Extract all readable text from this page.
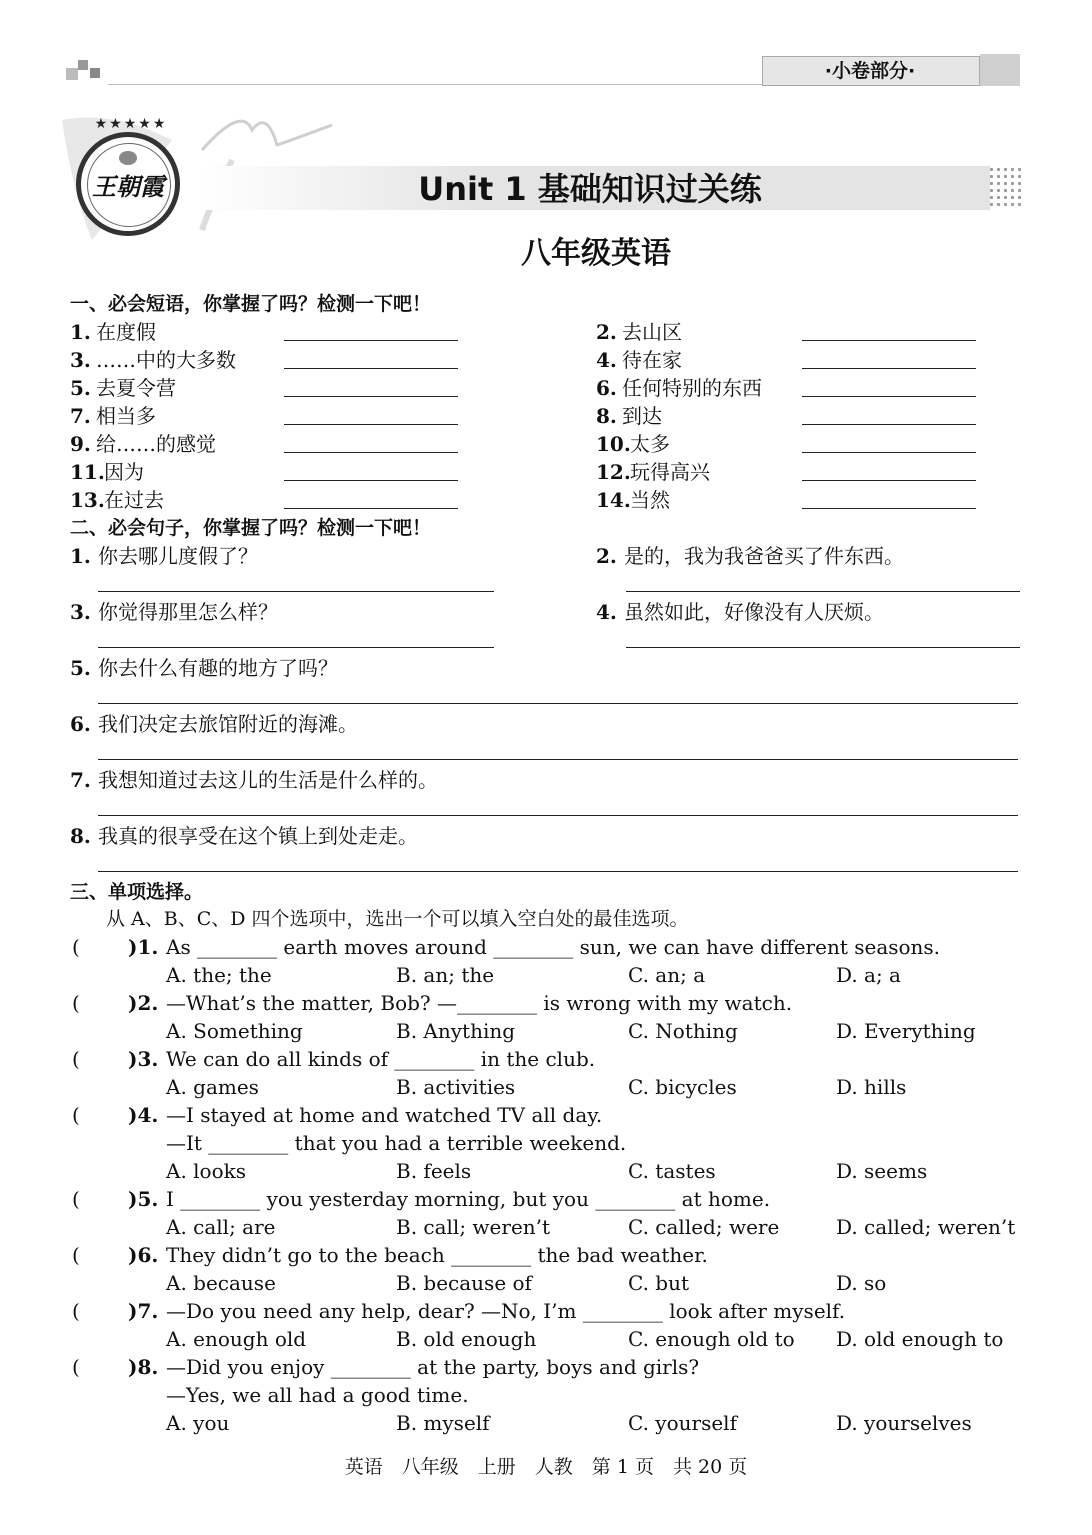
·小卷部分·
王朝霞
★★★★★
Unit 1 基础知识过关练
八年级英语
一、必会短语，你掌握了吗？检测一下吧！
1. 在度假	2. 去山区
3. ……中的大多数	4. 待在家
5. 去夏令营	6. 任何特别的东西
7. 相当多	8. 到达
9. 给……的感觉	10. 太多
11. 因为	12. 玩得高兴
13. 在过去	14. 当然
二、必会句子，你掌握了吗？检测一下吧！
1. 你去哪儿度假了？	2. 是的，我为我爸爸买了件东西。
3. 你觉得那里怎么样？	4. 虽然如此，好像没有人厌烦。
5. 你去什么有趣的地方了吗？
6. 我们决定去旅馆附近的海滩。
7. 我想知道过去这儿的生活是什么样的。
8. 我真的很享受在这个镇上到处走走。
三、单项选择。
从 A、B、C、D 四个选项中，选出一个可以填入空白处的最佳选项。
( )1. As ________ earth moves around ________ sun, we can have different seasons.
A. the; the	B. an; the	C. an; a	D. a; a
( )2. —What’s the matter, Bob? —________ is wrong with my watch.
A. Something	B. Anything	C. Nothing	D. Everything
( )3. We can do all kinds of ________ in the club.
A. games	B. activities	C. bicycles	D. hills
( )4. —I stayed at home and watched TV all day.
—It ________ that you had a terrible weekend.
A. looks	B. feels	C. tastes	D. seems
( )5. I ________ you yesterday morning, but you ________ at home.
A. call; are	B. call; weren’t	C. called; were	D. called; weren’t
( )6. They didn’t go to the beach ________ the bad weather.
A. because	B. because of	C. but	D. so
( )7. —Do you need any help, dear? —No, I’m ________ look after myself.
A. enough old	B. old enough	C. enough old to D. old enough to
( )8. —Did you enjoy ________ at the party, boys and girls?
—Yes, we all had a good time.
A. you	B. myself	C. yourself	D. yourselves
英语　八年级　上册　人教　第 1 页　共 20 页
